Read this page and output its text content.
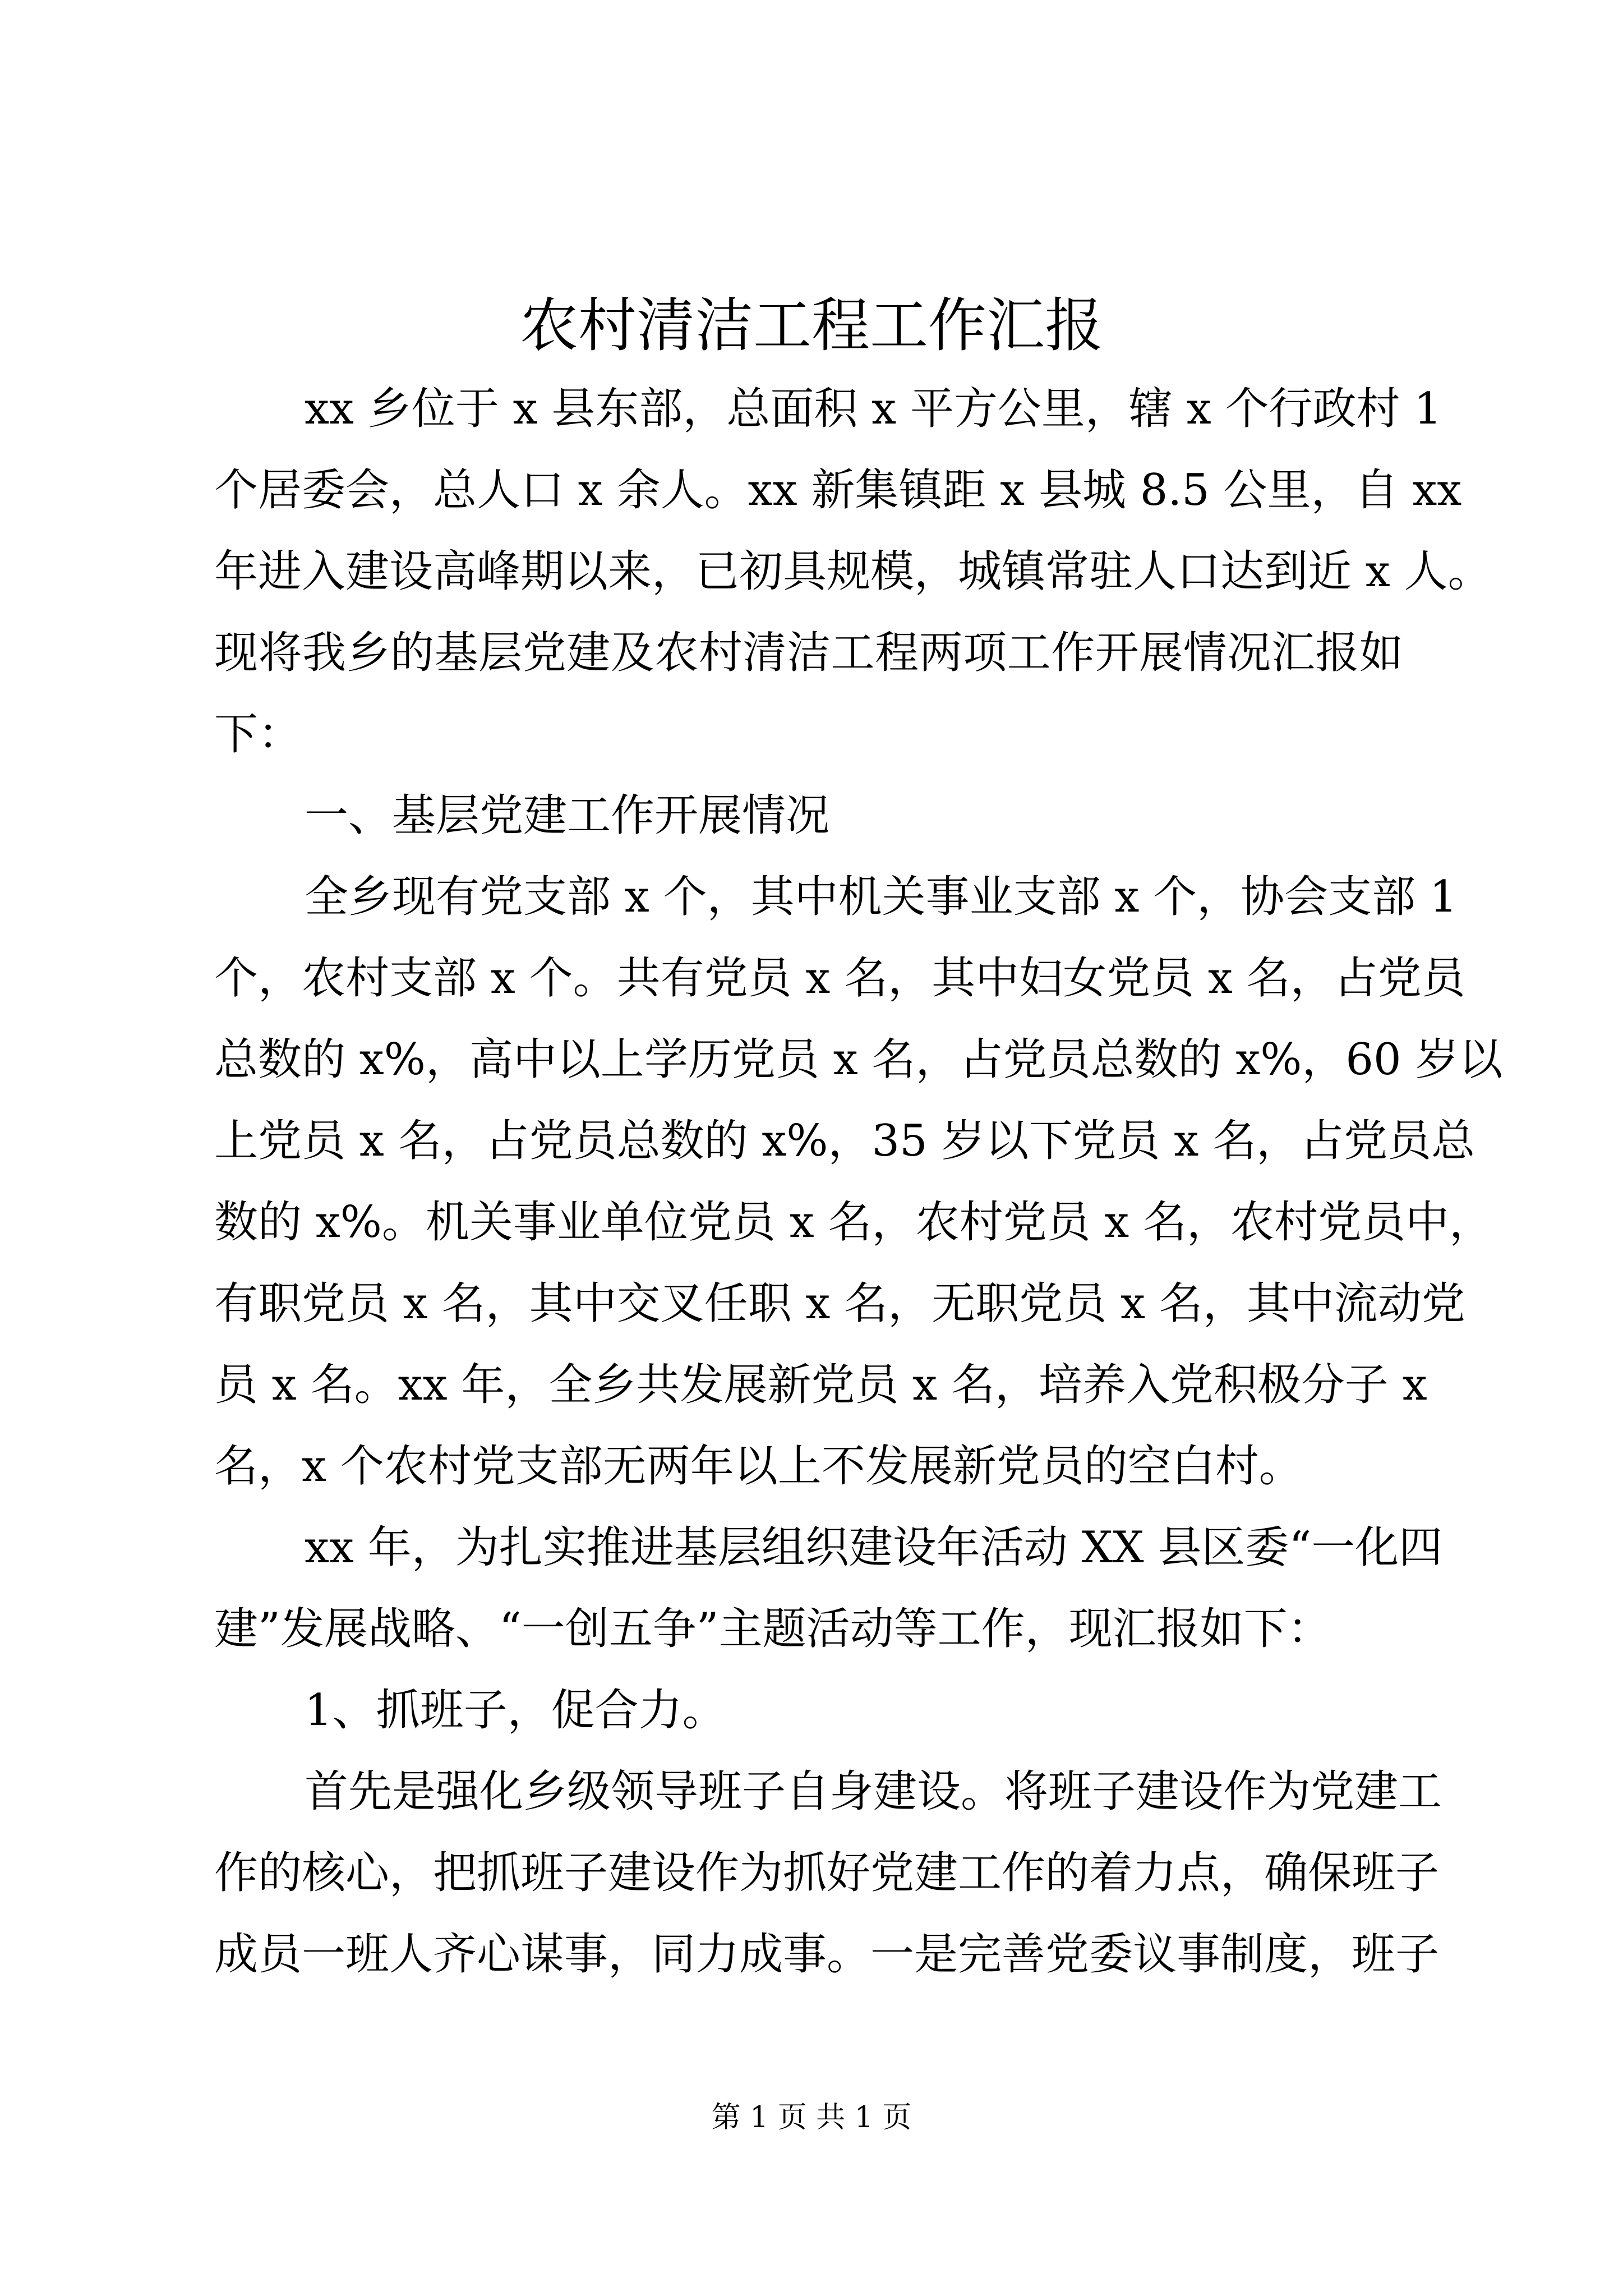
农村清洁工程工作汇报
xx 乡位于 x 县东部，总面积 x 平方公里，辖 x 个行政村 1
个居委会，总人口 x 余人。xx 新集镇距 x 县城 8.5 公里，自 xx
年进入建设高峰期以来，已初具规模，城镇常驻人口达到近 x 人。
现将我乡的基层党建及农村清洁工程两项工作开展情况汇报如
下：
一、基层党建工作开展情况
全乡现有党支部 x 个，其中机关事业支部 x 个，协会支部 1
个，农村支部 x 个。共有党员 x 名，其中妇女党员 x 名，占党员
总数的 x%，高中以上学历党员 x 名，占党员总数的 x%，60 岁以
上党员 x 名，占党员总数的 x%，35 岁以下党员 x 名，占党员总
数的 x%。机关事业单位党员 x 名，农村党员 x 名，农村党员中，
有职党员 x 名，其中交叉任职 x 名，无职党员 x 名，其中流动党
员 x 名。xx 年，全乡共发展新党员 x 名，培养入党积极分子 x
名，x 个农村党支部无两年以上不发展新党员的空白村。
xx 年，为扎实推进基层组织建设年活动 XX 县区委“一化四
建”发展战略、“一创五争”主题活动等工作，现汇报如下：
1、抓班子，促合力。
首先是强化乡级领导班子自身建设。将班子建设作为党建工
作的核心，把抓班子建设作为抓好党建工作的着力点，确保班子
成员一班人齐心谋事，同力成事。一是完善党委议事制度，班子
第 1 页 共 1 页
